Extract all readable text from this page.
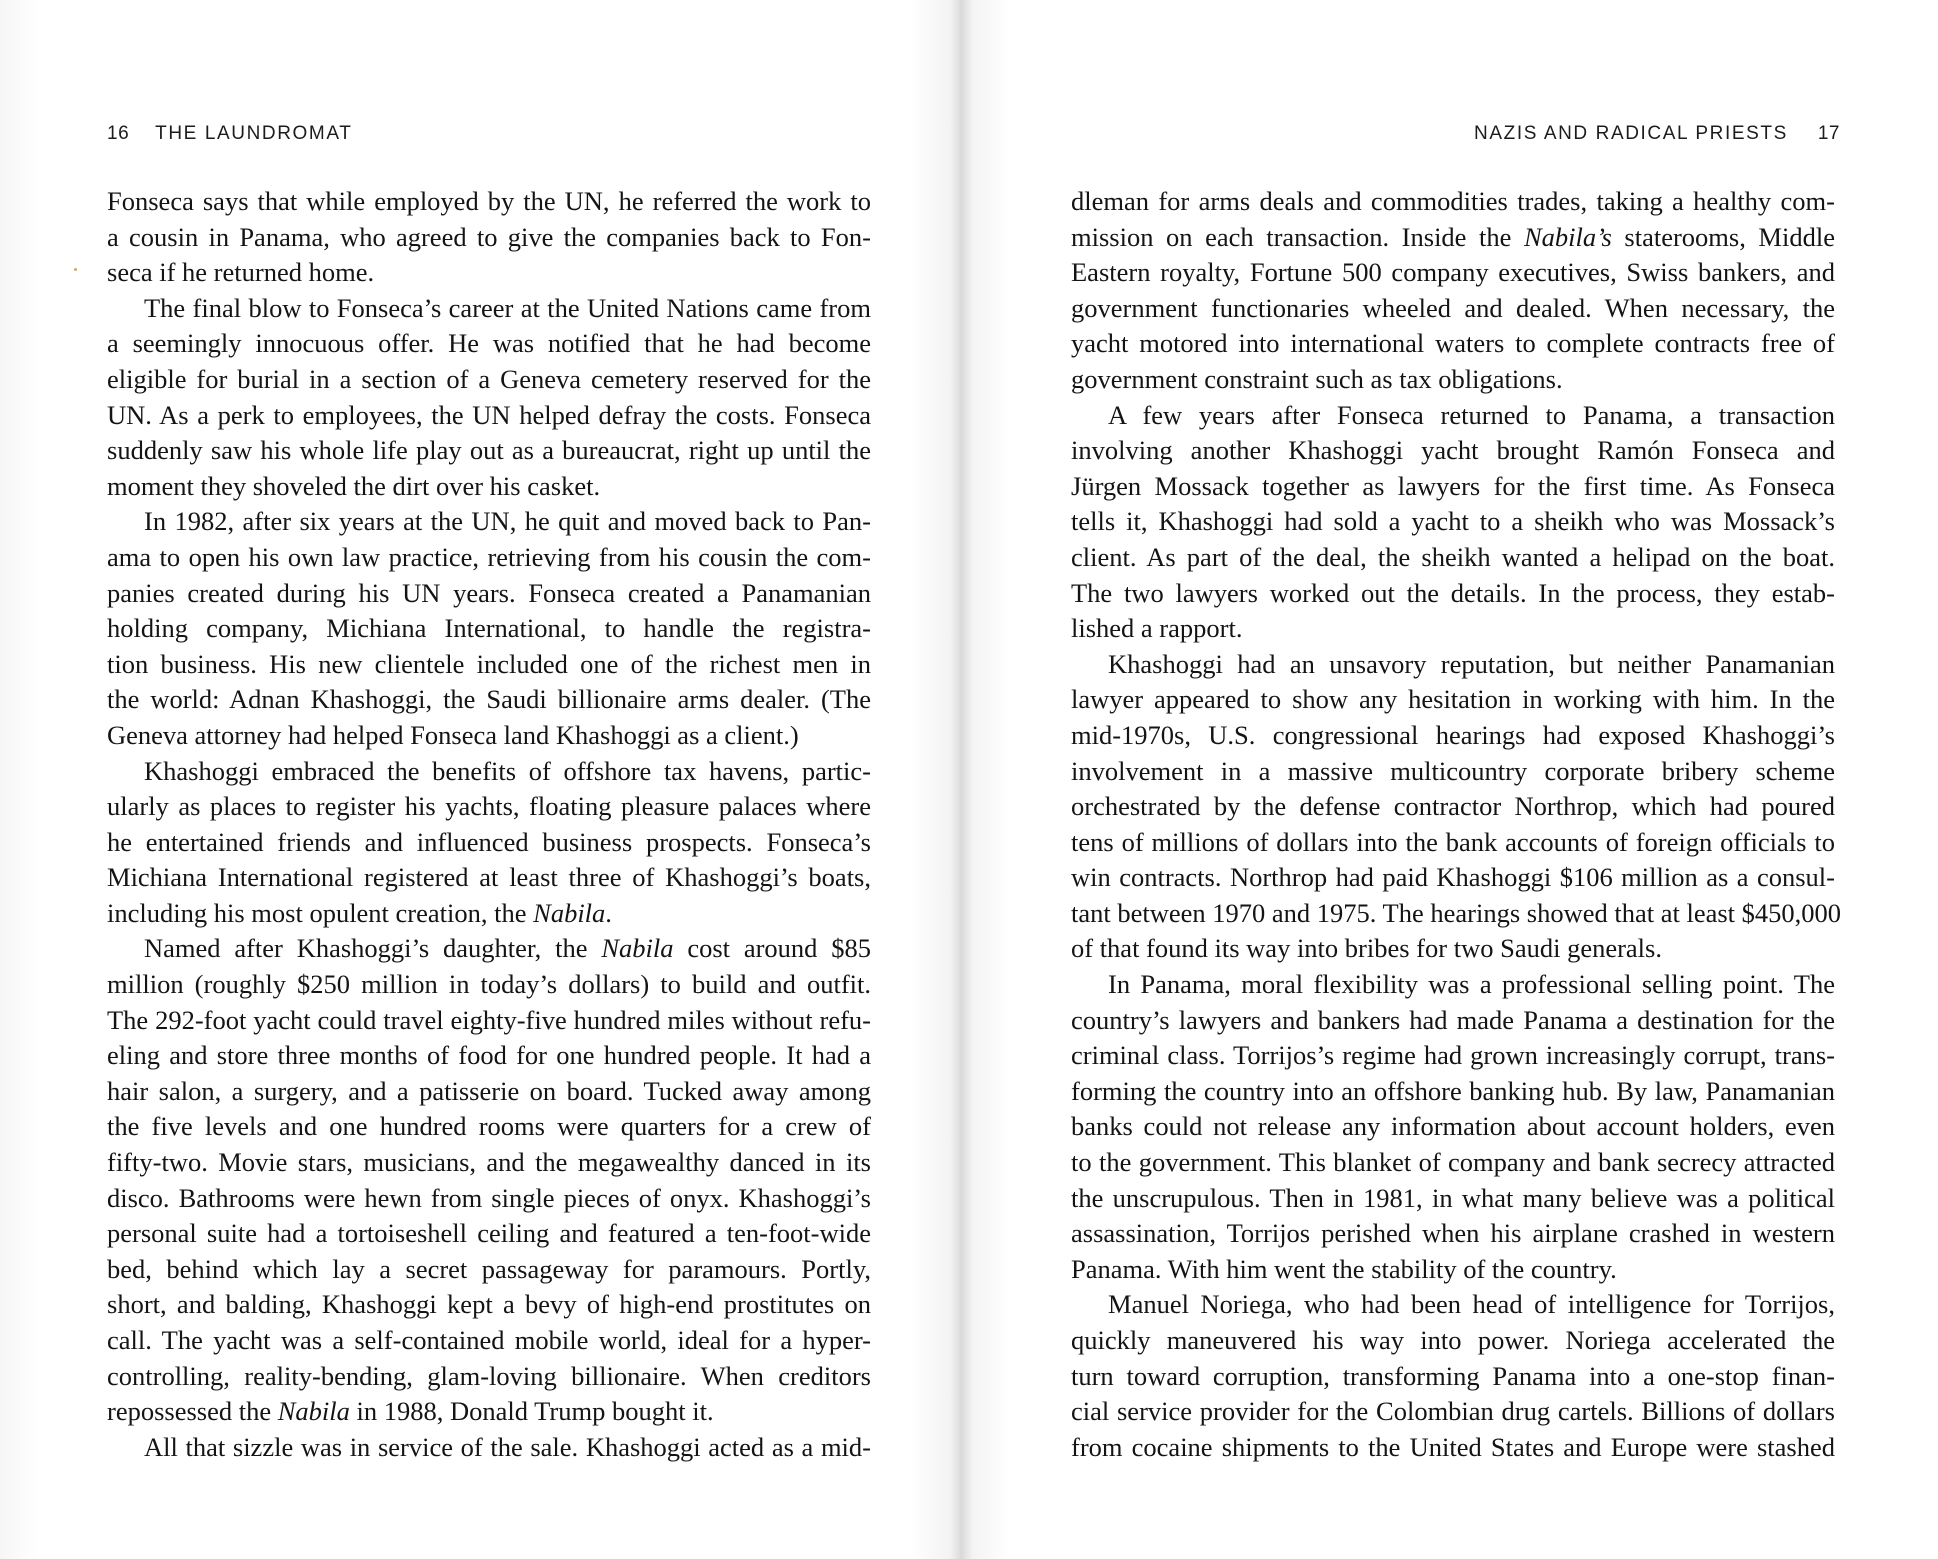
16 THE LAUNDROMAT
Fonseca says that while employed by the UN, he referred the work to
a cousin in Panama, who agreed to give the companies back to Fon-
seca if he returned home.
The final blow to Fonseca’s career at the United Nations came from
a seemingly innocuous offer. He was notified that he had become
eligible for burial in a section of a Geneva cemetery reserved for the
UN. As a perk to employees, the UN helped defray the costs. Fonseca
suddenly saw his whole life play out as a bureaucrat, right up until the
moment they shoveled the dirt over his casket.
In 1982, after six years at the UN, he quit and moved back to Pan-
ama to open his own law practice, retrieving from his cousin the com-
panies created during his UN years. Fonseca created a Panamanian
holding company, Michiana International, to handle the registra-
tion business. His new clientele included one of the richest men in
the world: Adnan Khashoggi, the Saudi billionaire arms dealer. (The
Geneva attorney had helped Fonseca land Khashoggi as a client.)
Khashoggi embraced the benefits of offshore tax havens, partic-
ularly as places to register his yachts, floating pleasure palaces where
he entertained friends and influenced business prospects. Fonseca’s
Michiana International registered at least three of Khashoggi’s boats,
including his most opulent creation, the Nabila.
Named after Khashoggi’s daughter, the Nabila cost around $85
million (roughly $250 million in today’s dollars) to build and outfit.
The 292-foot yacht could travel eighty-five hundred miles without refu-
eling and store three months of food for one hundred people. It had a
hair salon, a surgery, and a patisserie on board. Tucked away among
the five levels and one hundred rooms were quarters for a crew of
fifty-two. Movie stars, musicians, and the megawealthy danced in its
disco. Bathrooms were hewn from single pieces of onyx. Khashoggi’s
personal suite had a tortoiseshell ceiling and featured a ten-foot-wide
bed, behind which lay a secret passageway for paramours. Portly,
short, and balding, Khashoggi kept a bevy of high-end prostitutes on
call. The yacht was a self-contained mobile world, ideal for a hyper-
controlling, reality-bending, glam-loving billionaire. When creditors
repossessed the Nabila in 1988, Donald Trump bought it.
All that sizzle was in service of the sale. Khashoggi acted as a mid-
NAZIS AND RADICAL PRIESTS 17
dleman for arms deals and commodities trades, taking a healthy com-
mission on each transaction. Inside the Nabila’s staterooms, Middle
Eastern royalty, Fortune 500 company executives, Swiss bankers, and
government functionaries wheeled and dealed. When necessary, the
yacht motored into international waters to complete contracts free of
government constraint such as tax obligations.
A few years after Fonseca returned to Panama, a transaction
involving another Khashoggi yacht brought Ramón Fonseca and
Jürgen Mossack together as lawyers for the first time. As Fonseca
tells it, Khashoggi had sold a yacht to a sheikh who was Mossack’s
client. As part of the deal, the sheikh wanted a helipad on the boat.
The two lawyers worked out the details. In the process, they estab-
lished a rapport.
Khashoggi had an unsavory reputation, but neither Panamanian
lawyer appeared to show any hesitation in working with him. In the
mid-1970s, U.S. congressional hearings had exposed Khashoggi’s
involvement in a massive multicountry corporate bribery scheme
orchestrated by the defense contractor Northrop, which had poured
tens of millions of dollars into the bank accounts of foreign officials to
win contracts. Northrop had paid Khashoggi $106 million as a consul-
tant between 1970 and 1975. The hearings showed that at least $450,000
of that found its way into bribes for two Saudi generals.
In Panama, moral flexibility was a professional selling point. The
country’s lawyers and bankers had made Panama a destination for the
criminal class. Torrijos’s regime had grown increasingly corrupt, trans-
forming the country into an offshore banking hub. By law, Panamanian
banks could not release any information about account holders, even
to the government. This blanket of company and bank secrecy attracted
the unscrupulous. Then in 1981, in what many believe was a political
assassination, Torrijos perished when his airplane crashed in western
Panama. With him went the stability of the country.
Manuel Noriega, who had been head of intelligence for Torrijos,
quickly maneuvered his way into power. Noriega accelerated the
turn toward corruption, transforming Panama into a one-stop finan-
cial service provider for the Colombian drug cartels. Billions of dollars
from cocaine shipments to the United States and Europe were stashed
